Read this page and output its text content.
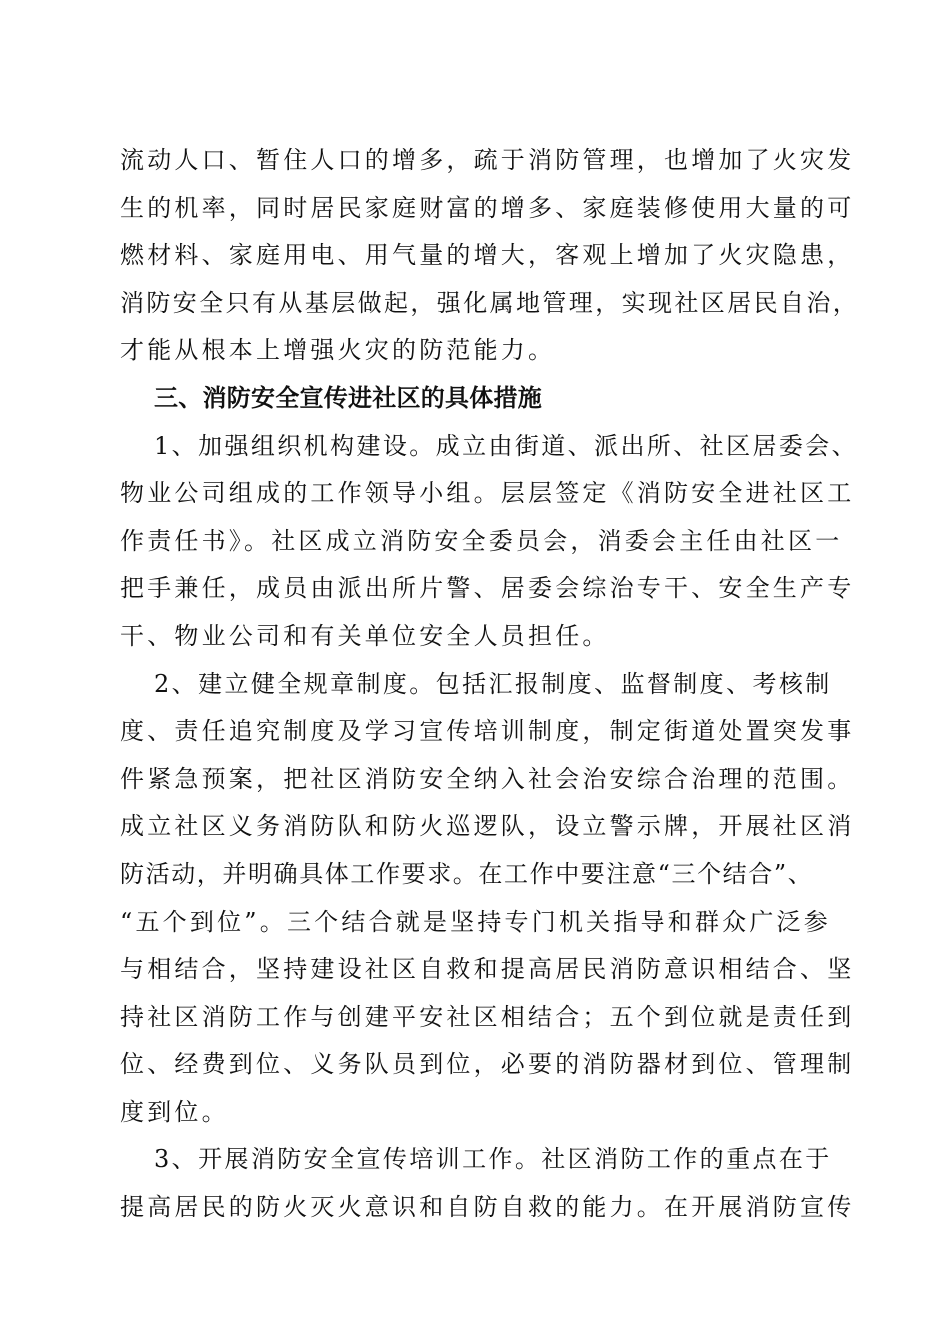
流动人口、暂住人口的增多，疏于消防管理，也增加了火灾发
生的机率，同时居民家庭财富的增多、家庭装修使用大量的可
燃材料、家庭用电、用气量的增大，客观上增加了火灾隐患，
消防安全只有从基层做起，强化属地管理，实现社区居民自治，
才能从根本上增强火灾的防范能力。
三、消防安全宣传进社区的具体措施
1、加强组织机构建设。成立由街道、派出所、社区居委会、
物业公司组成的工作领导小组。层层签定《消防安全进社区工
作责任书》。社区成立消防安全委员会，消委会主任由社区一
把手兼任，成员由派出所片警、居委会综治专干、安全生产专
干、物业公司和有关单位安全人员担任。
2、建立健全规章制度。包括汇报制度、监督制度、考核制
度、责任追究制度及学习宣传培训制度，制定街道处置突发事
件紧急预案，把社区消防安全纳入社会治安综合治理的范围。
成立社区义务消防队和防火巡逻队，设立警示牌，开展社区消
防活动，并明确具体工作要求。在工作中要注意“三个结合”、
“五个到位”。三个结合就是坚持专门机关指导和群众广泛参
与相结合，坚持建设社区自救和提高居民消防意识相结合、坚
持社区消防工作与创建平安社区相结合；五个到位就是责任到
位、经费到位、义务队员到位，必要的消防器材到位、管理制
度到位。
3、开展消防安全宣传培训工作。社区消防工作的重点在于
提高居民的防火灭火意识和自防自救的能力。在开展消防宣传
